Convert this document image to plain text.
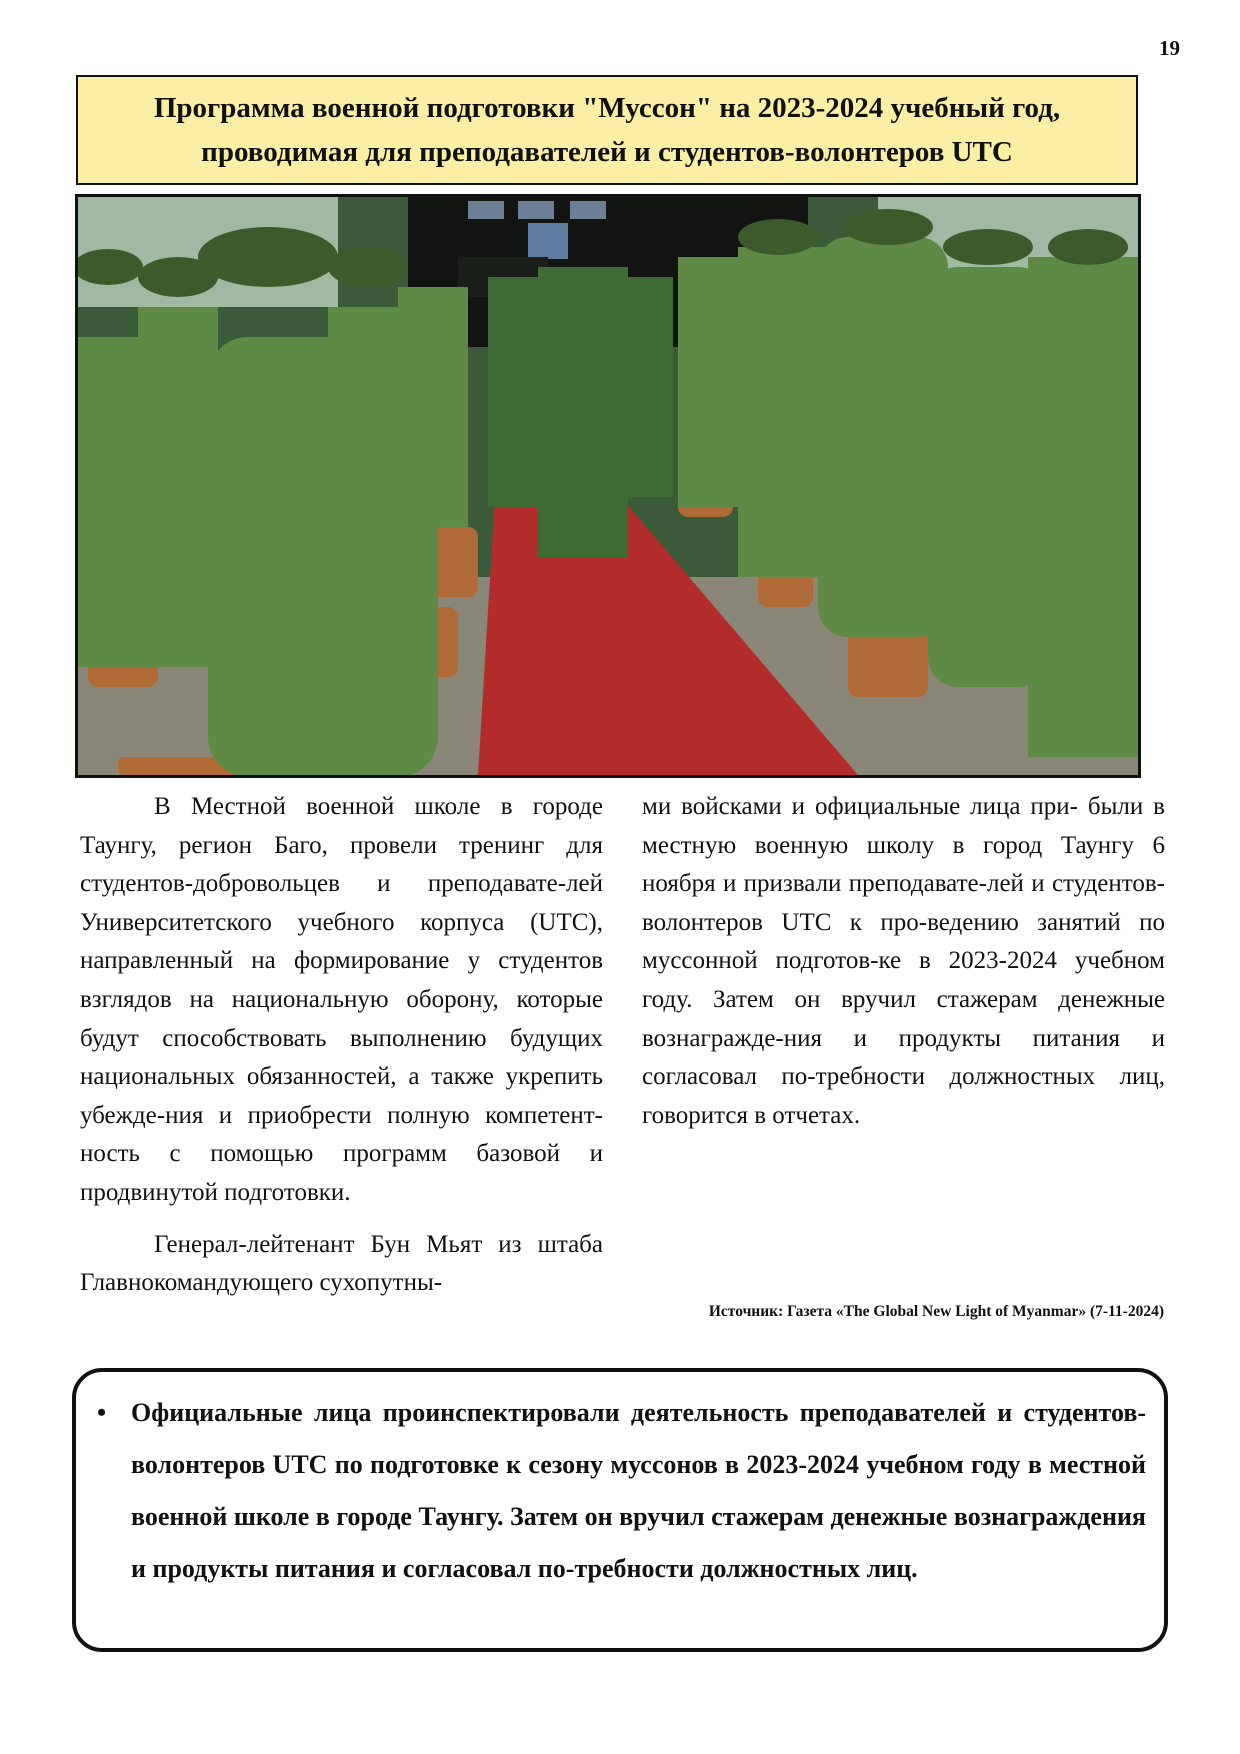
19
Программа военной подготовки "Муссон" на 2023-2024 учебный год,
проводимая для преподавателей и студентов-волонтеров UTC

В Местной военной школе в городе Таунгу, регион Баго, провели тренинг для студентов-добровольцев и преподавате-лей Университетского учебного корпуса (UTC), направленный на формирование у студентов взглядов на национальную оборону, которые будут способствовать выполнению будущих национальных обязанностей, а также укрепить убежде-ния и приобрести полную компетент-ность с помощью программ базовой и продвинутой подготовки.

Генерал-лейтенант Бун Мьят из штаба Главнокомандующего сухопутны-

ми войсками и официальные лица при- были в местную военную школу в город Таунгу 6 ноября и призвали преподавате-лей и студентов-волонтеров UTC к про-ведению занятий по муссонной подготов-ке в 2023-2024 учебном году. Затем он вручил стажерам денежные вознагражде-ния и продукты питания и согласовал по-требности должностных лиц, говорится в отчетах.

Источник: Газета «The Global New Light of Myanmar» (7-11-2024)
• Официальные лица проинспектировали деятельность преподавателей и студентов-волонтеров UTC по подготовке к сезону муссонов в 2023-2024 учебном году в местной военной школе в городе Таунгу. Затем он вручил стажерам денежные вознаграждения и продукты питания и согласовал по-требности должностных лиц.
